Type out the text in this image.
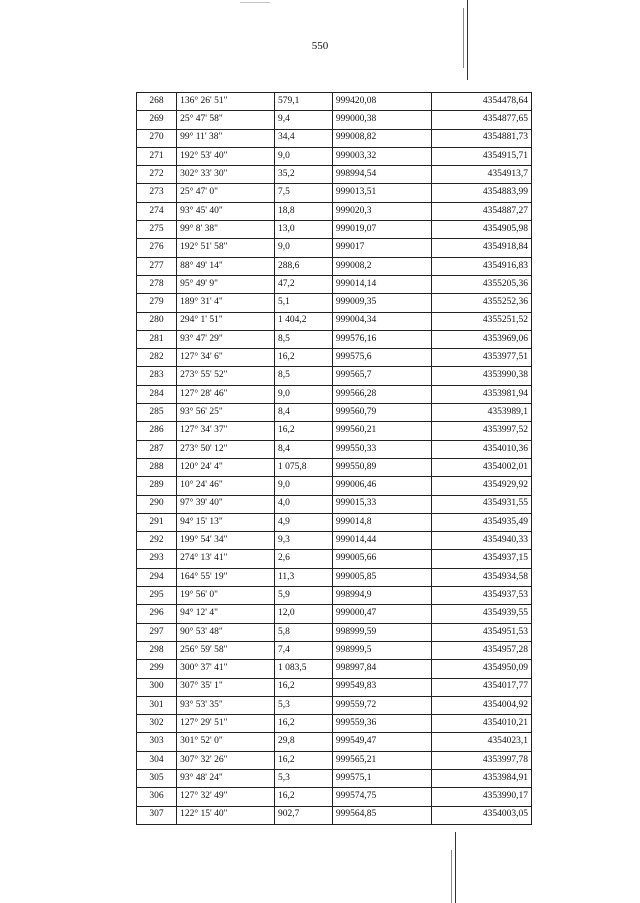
550
268	136° 26' 51"	579,1	999420,08	4354478,64
269	25° 47' 58"	9,4	999000,38	4354877,65
270	99° 11' 38"	34,4	999008,82	4354881,73
271	192° 53' 40"	9,0	999003,32	4354915,71
272	302° 33' 30"	35,2	998994,54	4354913,7
273	25° 47' 0"	7,5	999013,51	4354883,99
274	93° 45' 40"	18,8	999020,3	4354887,27
275	99° 8' 38"	13,0	999019,07	4354905,98
276	192° 51' 58"	9,0	999017	4354918,84
277	88° 49' 14"	288,6	999008,2	4354916,83
278	95° 49' 9"	47,2	999014,14	4355205,36
279	189° 31' 4"	5,1	999009,35	4355252,36
280	294° 1' 51"	1 404,2	999004,34	4355251,52
281	93° 47' 29"	8,5	999576,16	4353969,06
282	127° 34' 6"	16,2	999575,6	4353977,51
283	273° 55' 52"	8,5	999565,7	4353990,38
284	127° 28' 46"	9,0	999566,28	4353981,94
285	93° 56' 25"	8,4	999560,79	4353989,1
286	127° 34' 37"	16,2	999560,21	4353997,52
287	273° 50' 12"	8,4	999550,33	4354010,36
288	120° 24' 4"	1 075,8	999550,89	4354002,01
289	10° 24' 46"	9,0	999006,46	4354929,92
290	97° 39' 40"	4,0	999015,33	4354931,55
291	94° 15' 13"	4,9	999014,8	4354935,49
292	199° 54' 34"	9,3	999014,44	4354940,33
293	274° 13' 41"	2,6	999005,66	4354937,15
294	164° 55' 19"	11,3	999005,85	4354934,58
295	19° 56' 0"	5,9	998994,9	4354937,53
296	94° 12' 4"	12,0	999000,47	4354939,55
297	90° 53' 48"	5,8	998999,59	4354951,53
298	256° 59' 58"	7,4	998999,5	4354957,28
299	300° 37' 41"	1 083,5	998997,84	4354950,09
300	307° 35' 1"	16,2	999549,83	4354017,77
301	93° 53' 35"	5,3	999559,72	4354004,92
302	127° 29' 51"	16,2	999559,36	4354010,21
303	301° 52' 0"	29,8	999549,47	4354023,1
304	307° 32' 26"	16,2	999565,21	4353997,78
305	93° 48' 24"	5,3	999575,1	4353984,91
306	127° 32' 49"	16,2	999574,75	4353990,17
307	122° 15' 40"	902,7	999564,85	4354003,05
